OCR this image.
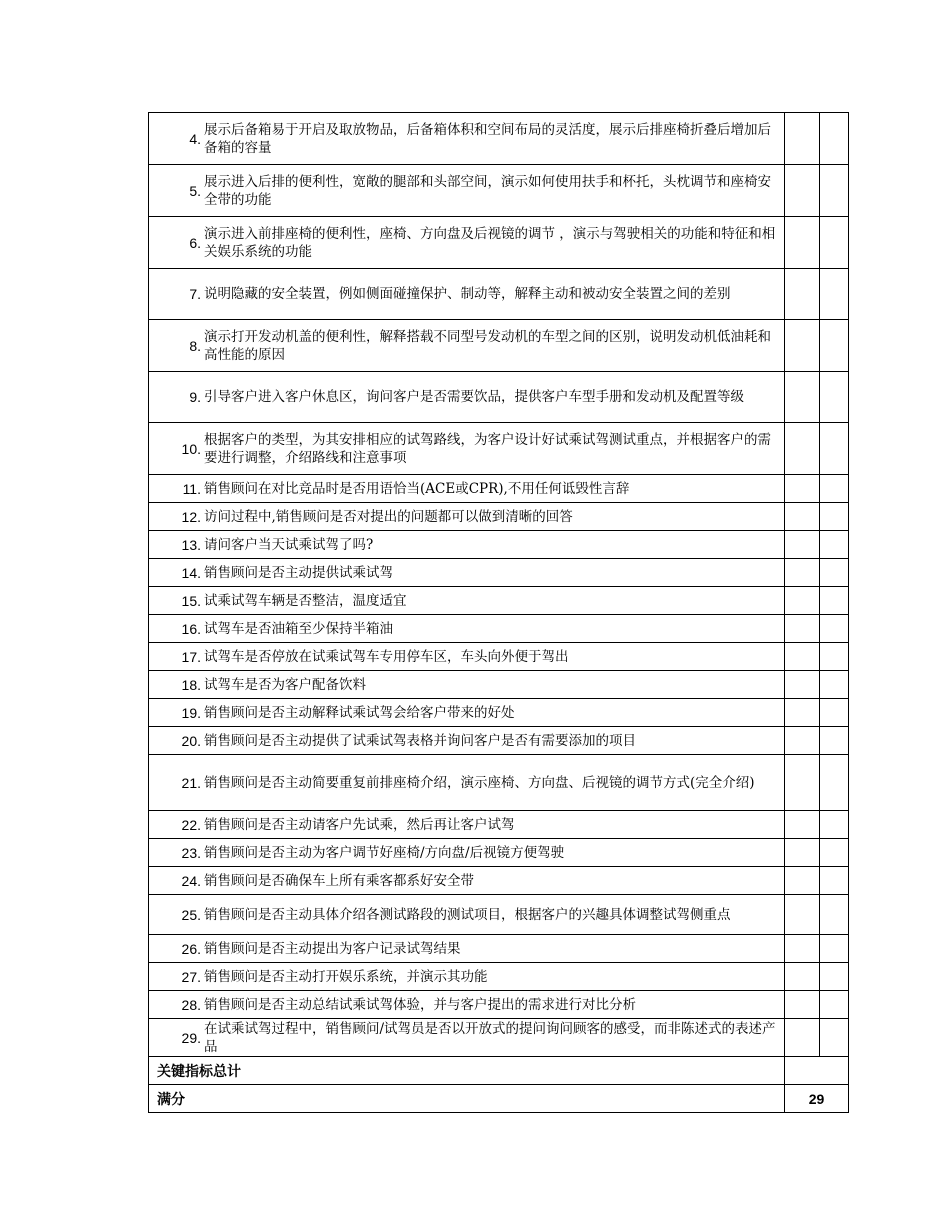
4.
展示后备箱易于开启及取放物品，后备箱体积和空间布局的灵活度，展示后排座椅折叠后增加后备箱的容量		

5.
展示进入后排的便利性，宽敞的腿部和头部空间，演示如何使用扶手和杯托，头枕调节和座椅安全带的功能		

6.
演示进入前排座椅的便利性，座椅、方向盘及后视镜的调节 ，演示与驾驶相关的功能和特征和相关娱乐系统的功能		

7. 说明隐藏的安全装置，例如侧面碰撞保护、制动等，解释主动和被动安全装置之间的差别		

8.
演示打开发动机盖的便利性，解释搭载不同型号发动机的车型之间的区别，说明发动机低油耗和高性能的原因		

9. 引导客户进入客户休息区，询问客户是否需要饮品，提供客户车型手册和发动机及配置等级		

10.
根据客户的类型，为其安排相应的试驾路线，为客户设计好试乘试驾测试重点，并根据客户的需要进行调整，介绍路线和注意事项		

11. 销售顾问在对比竞品时是否用语恰当(ACE或CPR),不用任何诋毁性言辞		

12. 访问过程中,销售顾问是否对提出的问题都可以做到清晰的回答		

13. 请问客户当天试乘试驾了吗?		

14. 销售顾问是否主动提供试乘试驾		

15. 试乘试驾车辆是否整洁，温度适宜		

16. 试驾车是否油箱至少保持半箱油		

17. 试驾车是否停放在试乘试驾车专用停车区，车头向外便于驾出		

18. 试驾车是否为客户配备饮料		

19. 销售顾问是否主动解释试乘试驾会给客户带来的好处		

20. 销售顾问是否主动提供了试乘试驾表格并询问客户是否有需要添加的项目		

21. 销售顾问是否主动简要重复前排座椅介绍，演示座椅、方向盘、后视镜的调节方式(完全介绍)		

22. 销售顾问是否主动请客户先试乘，然后再让客户试驾		

23. 销售顾问是否主动为客户调节好座椅/方向盘/后视镜方便驾驶		

24. 销售顾问是否确保车上所有乘客都系好安全带		

25. 销售顾问是否主动具体介绍各测试路段的测试项目，根据客户的兴趣具体调整试驾侧重点		

26. 销售顾问是否主动提出为客户记录试驾结果		

27. 销售顾问是否主动打开娱乐系统，并演示其功能		

28. 销售顾问是否主动总结试乘试驾体验，并与客户提出的需求进行对比分析		

29.
在试乘试驾过程中，销售顾问/试驾员是否以开放式的提问询问顾客的感受，而非陈述式的表述产品		

关键指标总计		
满分	29	
